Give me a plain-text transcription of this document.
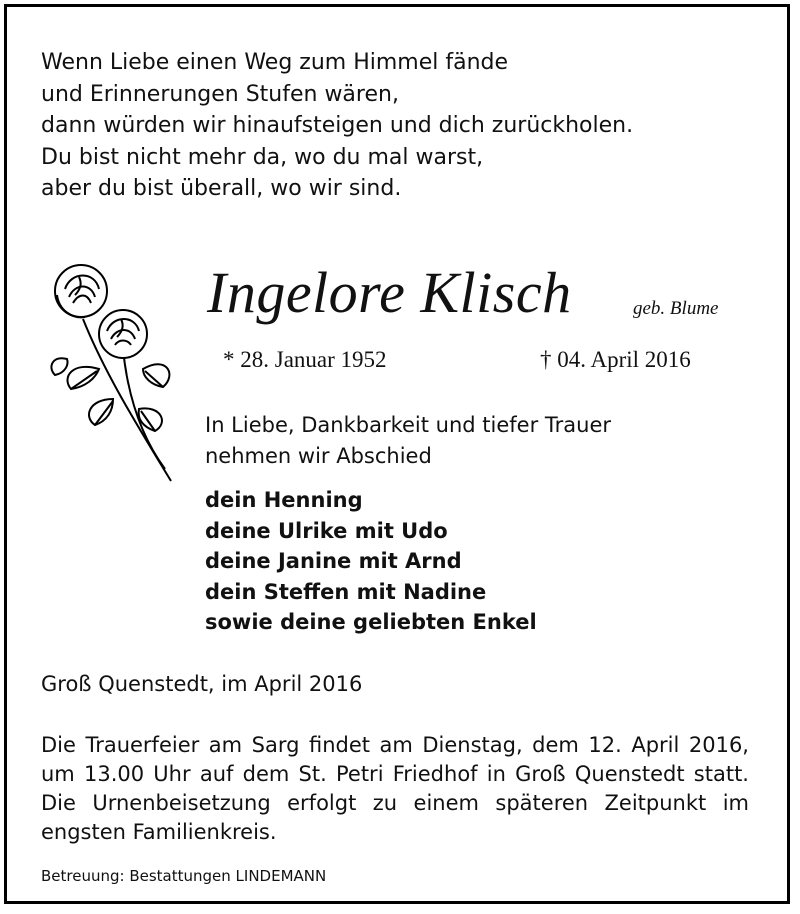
Wenn Liebe einen Weg zum Himmel fände
und Erinnerungen Stufen wären,
dann würden wir hinaufsteigen und dich zurückholen.
Du bist nicht mehr da, wo du mal warst,
aber du bist überall, wo wir sind.
Ingelore Klisch	geb. Blume
* 28. Januar 1952	† 04. April 2016
In Liebe, Dankbarkeit und tiefer Trauer
nehmen wir Abschied
dein Henning
deine Ulrike mit Udo
deine Janine mit Arnd
dein Steffen mit Nadine
sowie deine geliebten Enkel
Groß Quenstedt, im April 2016
Die Trauerfeier am Sarg findet am Dienstag, dem 12. April 2016, um 13.00 Uhr auf dem St. Petri Friedhof in Groß Quenstedt statt. Die Urnenbeisetzung erfolgt zu einem späteren Zeitpunkt im engsten Familienkreis.
Betreuung: Bestattungen LINDEMANN
